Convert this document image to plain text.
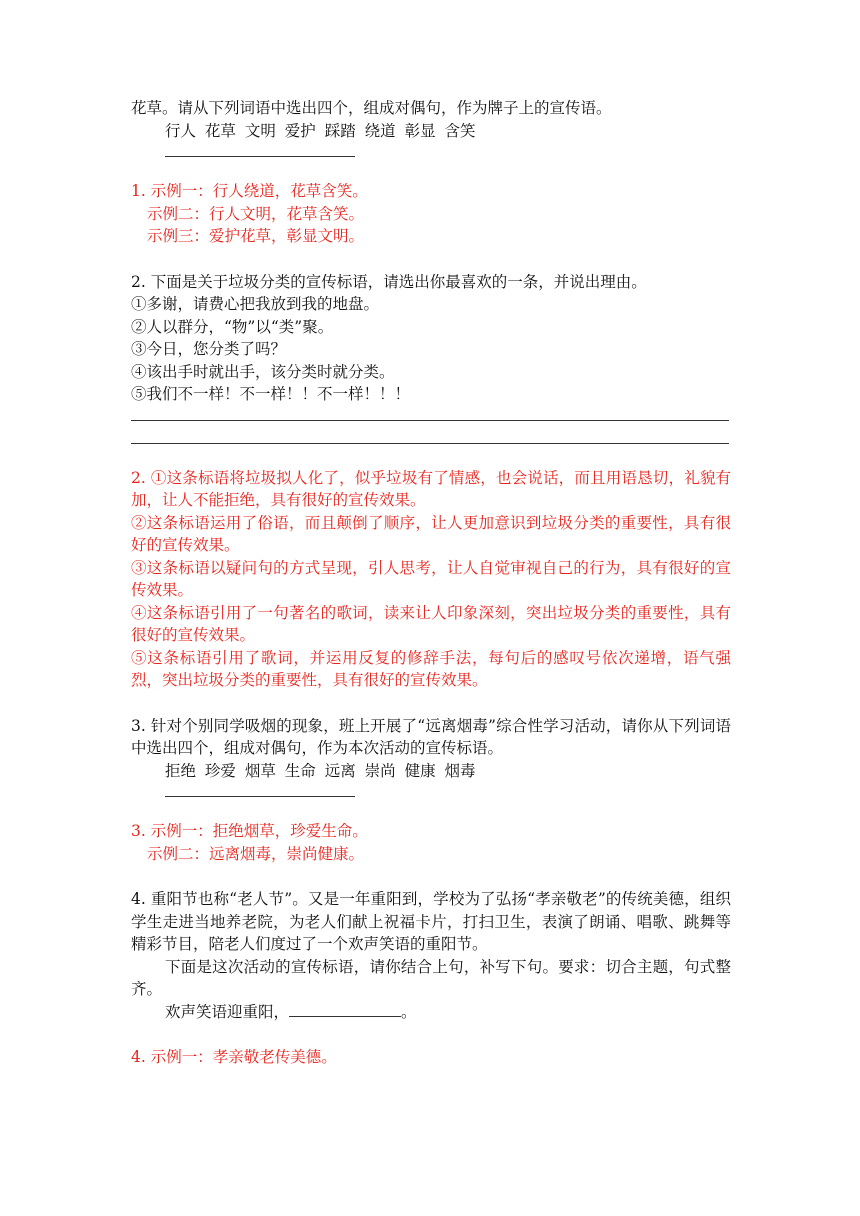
花草。请从下列词语中选出四个，组成对偶句，作为牌子上的宣传语。
行人 花草 文明 爱护 踩踏 绕道 彰显 含笑
1. 示例一：行人绕道，花草含笑。
示例二：行人文明，花草含笑。
示例三：爱护花草，彰显文明。
2. 下面是关于垃圾分类的宣传标语，请选出你最喜欢的一条，并说出理由。
①多谢，请费心把我放到我的地盘。
②人以群分，“物”以“类”聚。
③今日，您分类了吗？
④该出手时就出手，该分类时就分类。
⑤我们不一样！不一样！！不一样！！！
2. ①这条标语将垃圾拟人化了，似乎垃圾有了情感，也会说话，而且用语恳切，礼貌有加，让人不能拒绝，具有很好的宣传效果。
②这条标语运用了俗语，而且颠倒了顺序，让人更加意识到垃圾分类的重要性，具有很好的宣传效果。
③这条标语以疑问句的方式呈现，引人思考，让人自觉审视自己的行为，具有很好的宣传效果。
④这条标语引用了一句著名的歌词，读来让人印象深刻，突出垃圾分类的重要性，具有很好的宣传效果。
⑤这条标语引用了歌词，并运用反复的修辞手法，每句后的感叹号依次递增，语气强烈，突出垃圾分类的重要性，具有很好的宣传效果。
3. 针对个别同学吸烟的现象，班上开展了“远离烟毒”综合性学习活动，请你从下列词语中选出四个，组成对偶句，作为本次活动的宣传标语。
拒绝 珍爱 烟草 生命 远离 崇尚 健康 烟毒
3. 示例一：拒绝烟草，珍爱生命。
示例二：远离烟毒，崇尚健康。
4. 重阳节也称“老人节”。又是一年重阳到，学校为了弘扬“孝亲敬老”的传统美德，组织学生走进当地养老院，为老人们献上祝福卡片，打扫卫生，表演了朗诵、唱歌、跳舞等精彩节目，陪老人们度过了一个欢声笑语的重阳节。
下面是这次活动的宣传标语，请你结合上句，补写下句。要求：切合主题，句式整齐。
欢声笑语迎重阳，	。
4. 示例一：孝亲敬老传美德。
